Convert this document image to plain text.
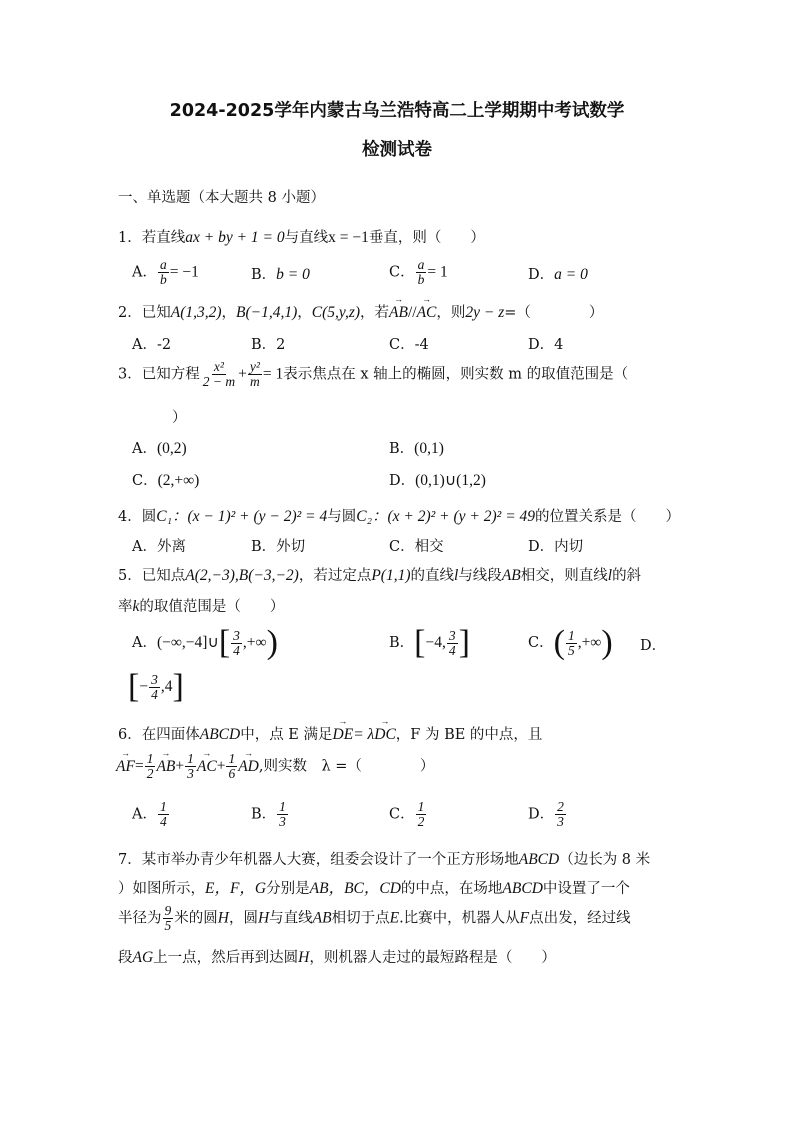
2024-2025学年内蒙古乌兰浩特高二上学期期中考试数学
检测试卷
一、单选题（本大题共 8 小题）
1．若直线ax + by + 1 = 0与直线x = −1垂直，则（　　）
A． $\frac{a}{b} = -1$	B．b = 0	C． $\frac{a}{b} = 1$	D．a = 0
2．已知A(1,3,2)，B(−1,4,1)，C(5,y,z)，若→ AB//→ AC，则2y − z=（　　　　）
A．-2	B．2	C．-4	D．4
3．已知方程 $\frac{\text{x²}}{2 - m} + \frac{\text{y²}}{m} = 1$表示焦点在 x 轴上的椭圆，则实数 m 的取值范围是（
）
A．(0,2)	B．(0,1)
C．(2,+∞)	D．(0,1)∪(1,2)
4．圆C₁：(x − 1)² + (y − 2)² = 4与圆C₂：(x + 2)² + (y + 2)² = 49的位置关系是（　　）
A．外离	B．外切	C．相交	D．内切
5．已知点A(2,−3),B(−3,−2)，若过定点P(1,1)的直线l与线段AB相交，则直线l的斜
率k的取值范围是（　　）
A．(−∞,−4]∪[ $\frac{3}{4}$ ,+∞)	B．[−4, $\frac{3}{4}$ ]	C．( $\frac{1}{5}$ ,+∞) D．
[− $\frac{3}{4} ,4$]
6．在四面体ABCD中，点 E 满足→ DE= λ→ DC，F 为 BE 的中点，且
→ $AF= \frac{1}{2}$
→ $AB+ \frac{1}{3}$
→ $AC+ \frac{1}{6}$
→ AD,则实数　λ =（　　　　）
A． $\frac{1}{4}$	B． $\frac{1}{3}$	C． $\frac{1}{2}$	D． $\frac{2}{3}$
7．某市举办青少年机器人大赛，组委会设计了一个正方形场地ABCD（边长为 8 米
）如图所示，E，F，G分别是AB，BC，CD的中点，在场地ABCD中设置了一个
半径为 $\frac{9}{5}$ 米的圆H，圆H与直线AB相切于点E.比赛中，机器人从F点出发，经过线
段AG上一点，然后再到达圆H，则机器人走过的最短路程是（　　）
